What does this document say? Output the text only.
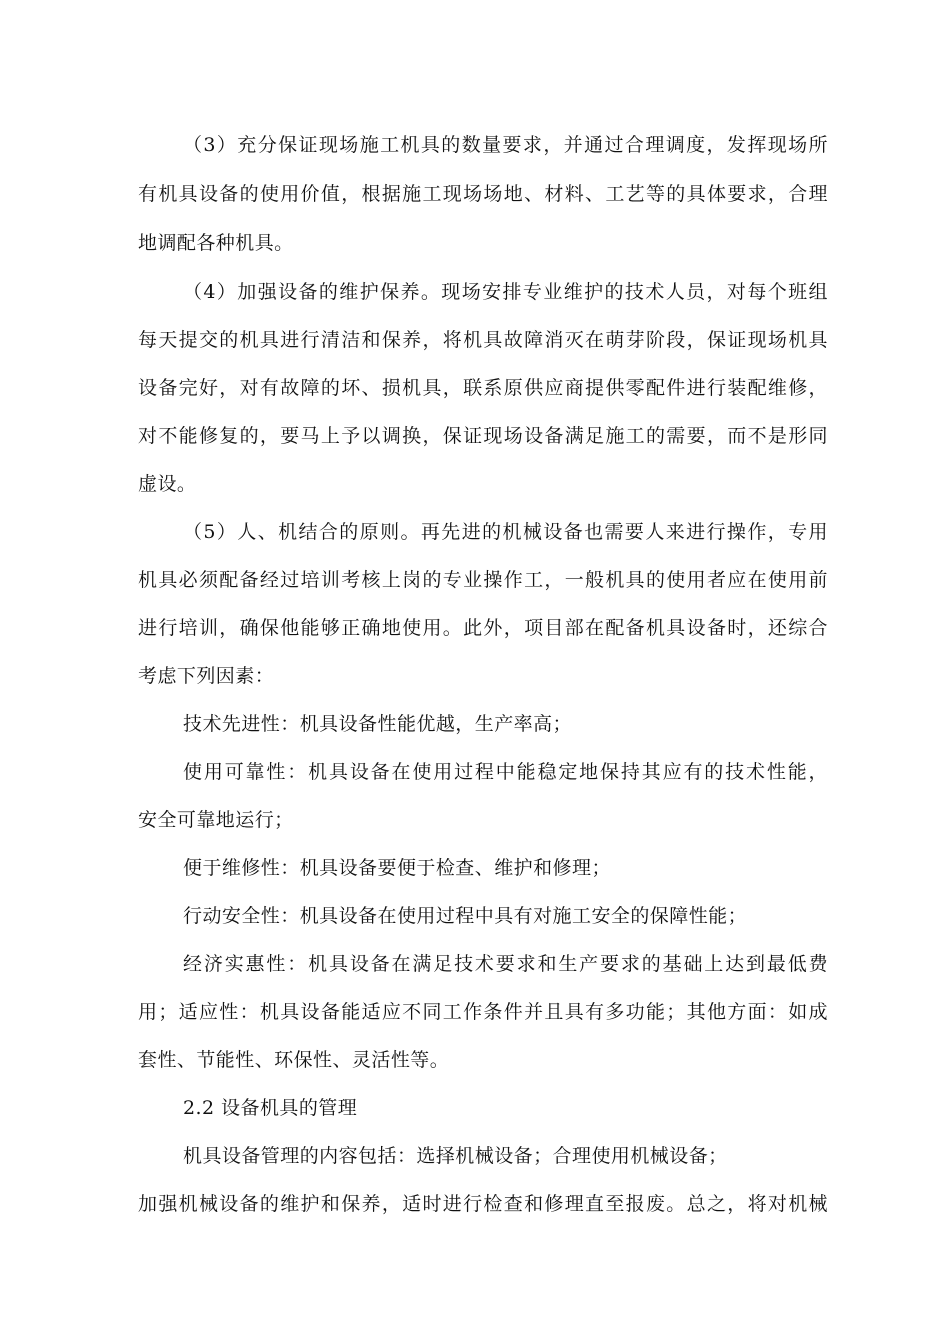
（3）充分保证现场施工机具的数量要求，并通过合理调度，发挥现场所
有机具设备的使用价值，根据施工现场场地、材料、工艺等的具体要求，合理
地调配各种机具。
（4）加强设备的维护保养。现场安排专业维护的技术人员，对每个班组
每天提交的机具进行清洁和保养，将机具故障消灭在萌芽阶段，保证现场机具
设备完好，对有故障的坏、损机具，联系原供应商提供零配件进行装配维修，
对不能修复的，要马上予以调换，保证现场设备满足施工的需要，而不是形同
虚设。
（5）人、机结合的原则。再先进的机械设备也需要人来进行操作，专用
机具必须配备经过培训考核上岗的专业操作工，一般机具的使用者应在使用前
进行培训，确保他能够正确地使用。此外，项目部在配备机具设备时，还综合
考虑下列因素：
技术先进性：机具设备性能优越，生产率高；
使用可靠性：机具设备在使用过程中能稳定地保持其应有的技术性能，
安全可靠地运行；
便于维修性：机具设备要便于检查、维护和修理；
行动安全性：机具设备在使用过程中具有对施工安全的保障性能；
经济实惠性：机具设备在满足技术要求和生产要求的基础上达到最低费
用；适应性：机具设备能适应不同工作条件并且具有多功能；其他方面：如成
套性、节能性、环保性、灵活性等。
2.2 设备机具的管理
机具设备管理的内容包括：选择机械设备；合理使用机械设备；
加强机械设备的维护和保养，适时进行检查和修理直至报废。总之，将对机械
